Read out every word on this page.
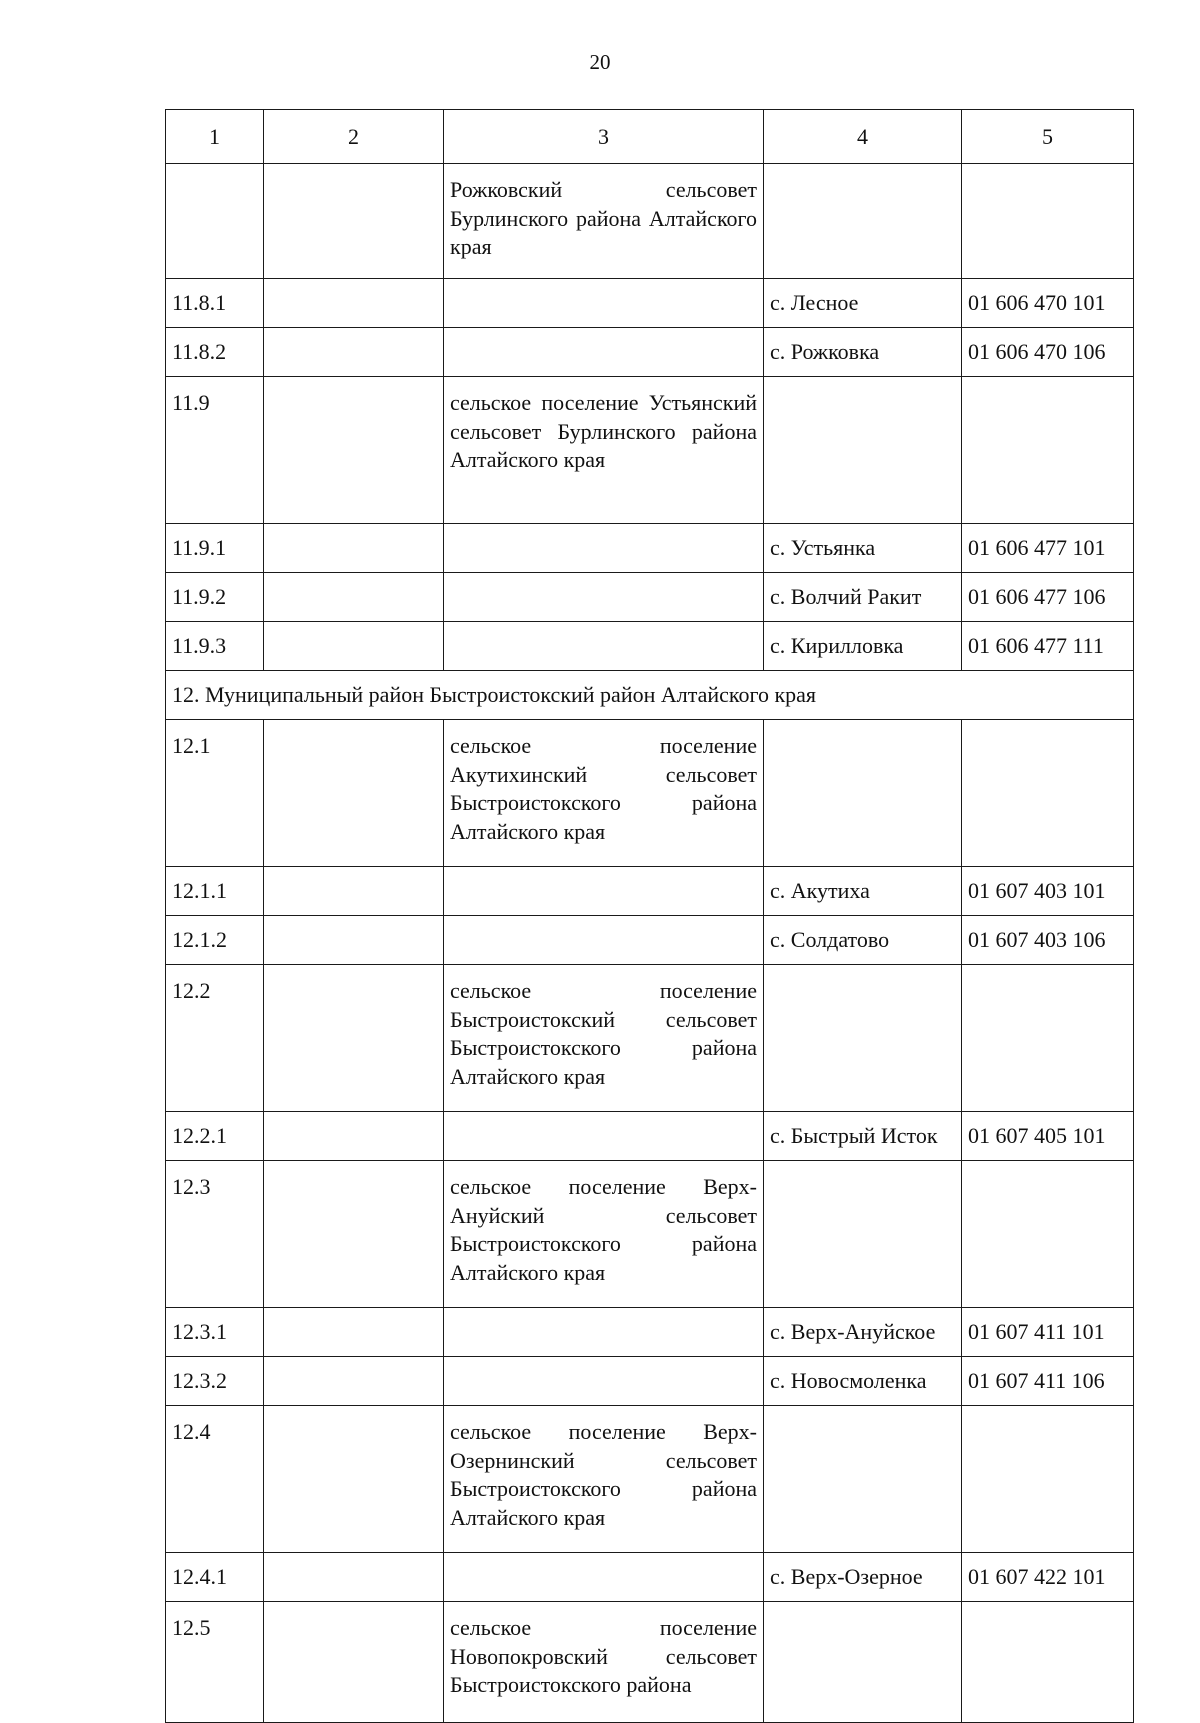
20
1	2	3	4	5
		Рожковский сельсовет Бурлинского района Алтайского края		
11.8.1			с. Лесное	01 606 470 101
11.8.2			с. Рожковка	01 606 470 106
11.9		сельское поселение Устьянский сельсовет Бурлинского района Алтайского края		
11.9.1			с. Устьянка	01 606 477 101
11.9.2			с. Волчий Ракит	01 606 477 106
11.9.3			с. Кирилловка	01 606 477 111
12. Муниципальный район Быстроистокский район Алтайского края				
12.1		сельское поселение Акутихинский сельсовет Быстроистокского района Алтайского края		
12.1.1			с. Акутиха	01 607 403 101
12.1.2			с. Солдатово	01 607 403 106
12.2		сельское поселение Быстроистокский сельсовет Быстроистокского района Алтайского края		
12.2.1			с. Быстрый Исток	01 607 405 101
12.3		сельское поселение Верх-Ануйский сельсовет Быстроистокского района Алтайского края		
12.3.1			с. Верх-Ануйское	01 607 411 101
12.3.2			с. Новосмоленка	01 607 411 106
12.4		сельское поселение Верх-Озернинский сельсовет Быстроистокского района Алтайского края		
12.4.1			с. Верх-Озерное	01 607 422 101
12.5		сельское поселение Новопокровский сельсовет Быстроистокского района		
